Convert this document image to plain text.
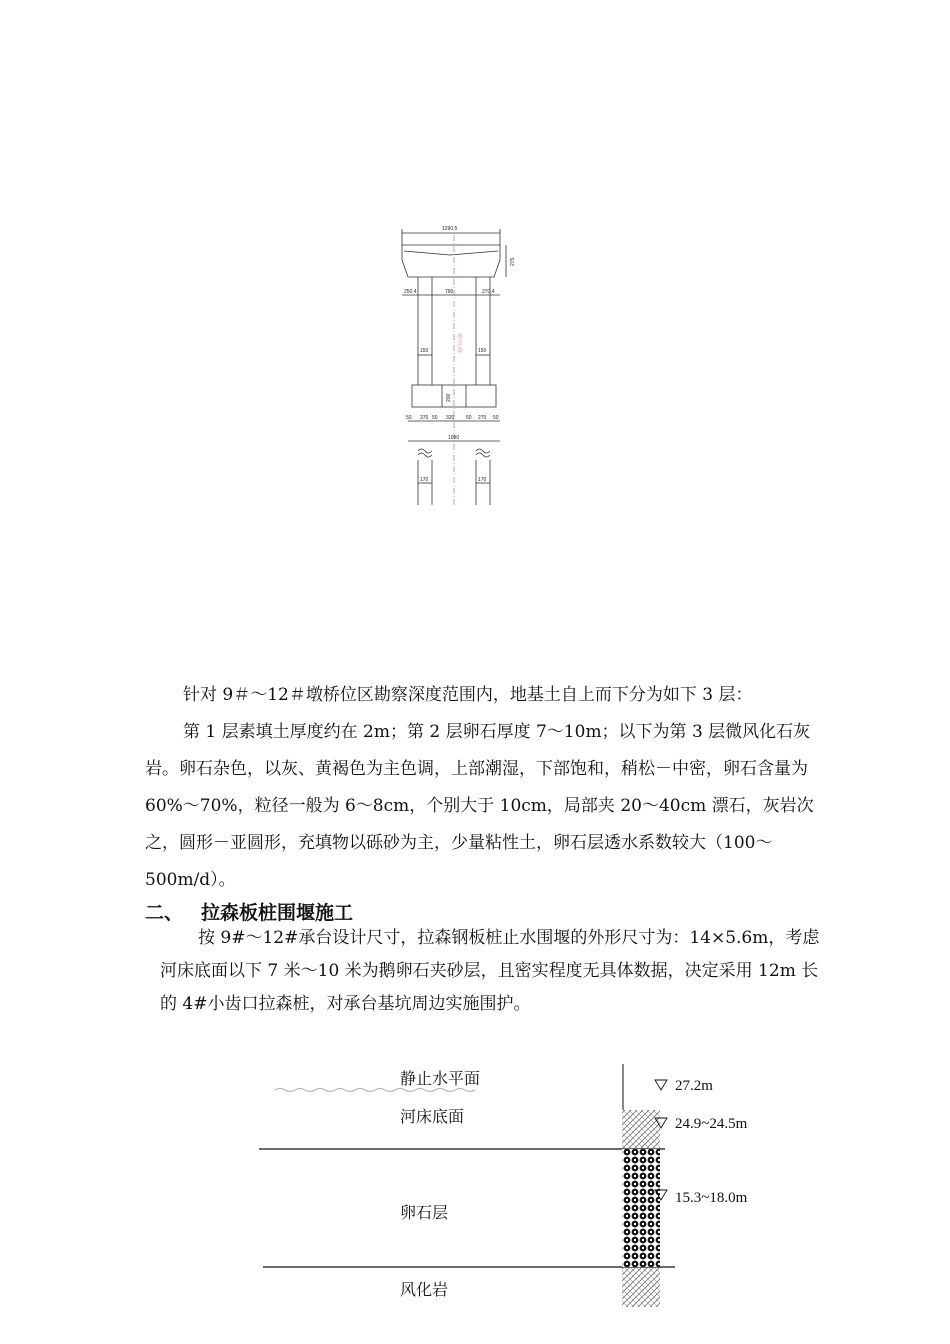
1290.5
275
250.4	790	270.4
150	150
墩中心线
200
50 270 50 320 50 270 50
1090
170	170

针对 9＃～12＃墩桥位区勘察深度范围内，地基土自上而下分为如下 3 层：

第 1 层素填土厚度约在 2m；第 2 层卵石厚度 7～10m；以下为第 3 层微风化石灰岩。卵石杂色，以灰、黄褐色为主色调，上部潮湿，下部饱和，稍松－中密，卵石含量为 60%～70%，粒径一般为 6～8cm，个别大于 10cm，局部夹 20～40cm 漂石，灰岩次之，圆形－亚圆形，充填物以砾砂为主，少量粘性土，卵石层透水系数较大（100～500m/d）。

二、 拉森板桩围堰施工

按 9#～12#承台设计尺寸，拉森钢板桩止水围堰的外形尺寸为：14×5.6m，考虑河床底面以下 7 米～10 米为鹅卵石夹砂层，且密实程度无具体数据，决定采用 12m 长的 4#小齿口拉森桩，对承台基坑周边实施围护。

静止水平面
河床底面
卵石层
风化岩
27.2m
24.9~24.5m
15.3~18.0m
